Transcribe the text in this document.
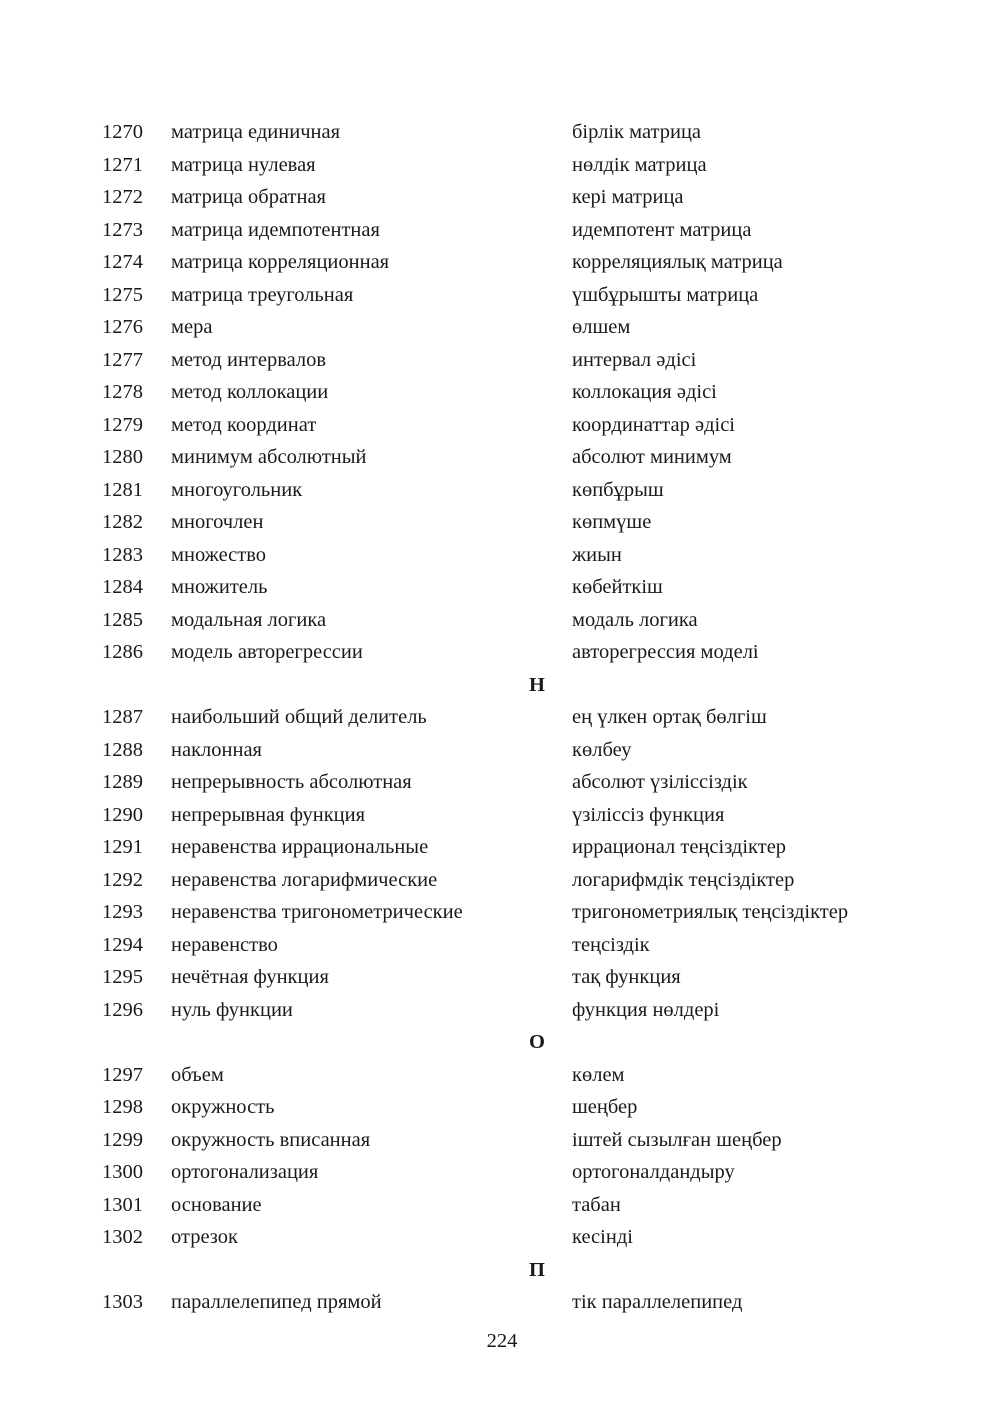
1270 матрица единичная	бірлік матрица
1271 матрица нулевая	нөлдік матрица
1272 матрица обратная	кері матрица
1273 матрица идемпотентная	идемпотент матрица
1274 матрица корреляционная	корреляциялық матрица
1275 матрица треугольная	үшбұрышты матрица
1276 мера	өлшем
1277 метод интервалов	интервал әдісі
1278 метод коллокации	коллокация әдісі
1279 метод координат	координаттар әдісі
1280 минимум абсолютный	абсолют минимум
1281 многоугольник	көпбұрыш
1282 многочлен	көпмүше
1283 множество	жиын
1284 множитель	көбейткіш
1285 модальная логика	модаль логика
1286 модель авторегрессии	авторегрессия моделі
Н
1287 наибольший общий делитель	ең үлкен ортақ бөлгіш
1288 наклонная	көлбеу
1289 непрерывность абсолютная	абсолют үзіліссіздік
1290 непрерывная функция	үзіліссіз функция
1291 неравенства иррациональные	иррационал теңсіздіктер
1292 неравенства логарифмические	логарифмдік теңсіздіктер
1293 неравенства тригонометрические	тригонометриялық теңсіздіктер
1294 неравенство	теңсіздік
1295 нечётная функция	тақ функция
1296 нуль функции	функция нөлдері
О
1297 объем	көлем
1298 окружность	шеңбер
1299 окружность вписанная	іштей сызылған шеңбер
1300 ортогонализация	ортогоналдандыру
1301 основание	табан
1302 отрезок	кесінді
П
1303 параллелепипед прямой	тік параллелепипед
224
